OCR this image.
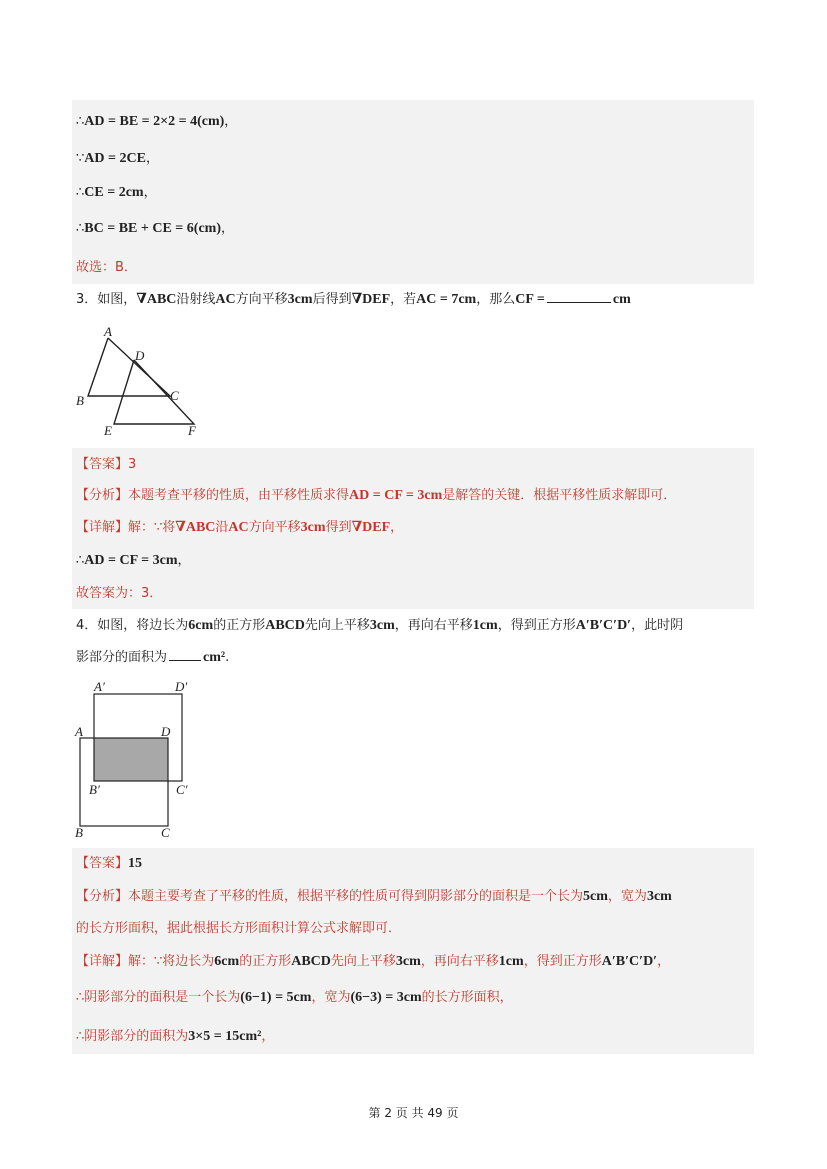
∴AD = BE = 2×2 = 4(cm)，
∵AD = 2CE，
∴CE = 2cm，
∴BC = BE + CE = 6(cm)，
故选：B．
3．如图，∇ABC沿射线AC方向平移3cm后得到∇DEF，若AC = 7cm，那么CF =	cm
A
B	C
D
E	F
【答案】3
【分析】本题考查平移的性质，由平移性质求得AD = CF = 3cm是解答的关键．根据平移性质求解即可．
【详解】解：∵将∇ABC沿AC方向平移3cm得到∇DEF，
∴AD = CF = 3cm，
故答案为：3．
4．如图，将边长为6cm的正方形ABCD先向上平移3cm，再向右平移1cm，得到正方形A′B′C′D′，此时阴
影部分的面积为	cm².
A′	D′
A	D
B′	C′
B	C
【答案】15
【分析】本题主要考查了平移的性质，根据平移的性质可得到阴影部分的面积是一个长为5cm，宽为3cm
的长方形面积，据此根据长方形面积计算公式求解即可．
【详解】解：∵将边长为6cm的正方形ABCD先向上平移3cm，再向右平移1cm，得到正方形A′B′C′D′，
∴阴影部分的面积是一个长为(6−1) = 5cm，宽为(6−3) = 3cm的长方形面积，
∴阴影部分的面积为3×5 = 15cm²，
第 2 页 共 49 页
